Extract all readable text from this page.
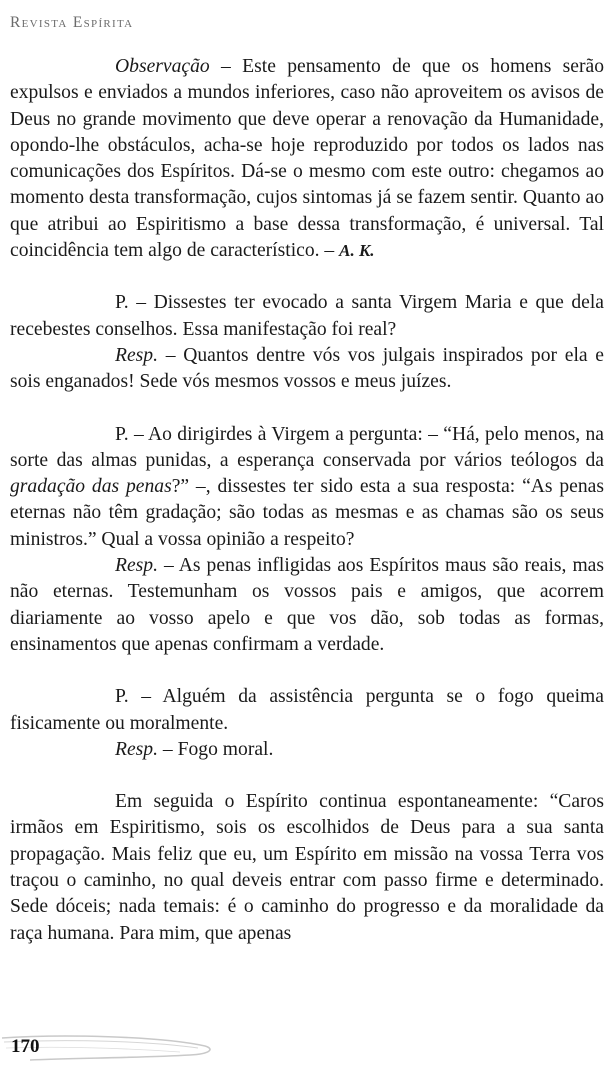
Revista Espírita

Observação – Este pensamento de que os homens serão expulsos e enviados a mundos inferiores, caso não aproveitem os avisos de Deus no grande movimento que deve operar a renovação da Humanidade, opondo-lhe obstáculos, acha-se hoje reproduzido por todos os lados nas comunicações dos Espíritos. Dá-se o mesmo com este outro: chegamos ao momento desta transformação, cujos sintomas já se fazem sentir. Quanto ao que atribui ao Espiritismo a base dessa transformação, é universal. Tal coincidência tem algo de característico. – A. K.

P. – Dissestes ter evocado a santa Virgem Maria e que dela recebestes conselhos. Essa manifestação foi real?

Resp. – Quantos dentre vós vos julgais inspirados por ela e sois enganados! Sede vós mesmos vossos e meus juízes.

P. – Ao dirigirdes à Virgem a pergunta: – “Há, pelo menos, na sorte das almas punidas, a esperança conservada por vários teólogos da gradação das penas?” –, dissestes ter sido esta a sua resposta: “As penas eternas não têm gradação; são todas as mesmas e as chamas são os seus ministros.” Qual a vossa opinião a respeito?

Resp. – As penas infligidas aos Espíritos maus são reais, mas não eternas. Testemunham os vossos pais e amigos, que acorrem diariamente ao vosso apelo e que vos dão, sob todas as formas, ensinamentos que apenas confirmam a verdade.

P. – Alguém da assistência pergunta se o fogo queima fisicamente ou moralmente.

Resp. – Fogo moral.

Em seguida o Espírito continua espontaneamente: “Caros irmãos em Espiritismo, sois os escolhidos de Deus para a sua santa propagação. Mais feliz que eu, um Espírito em missão na vossa Terra vos traçou o caminho, no qual deveis entrar com passo firme e determinado. Sede dóceis; nada temais: é o caminho do progresso e da moralidade da raça humana. Para mim, que apenas

170
